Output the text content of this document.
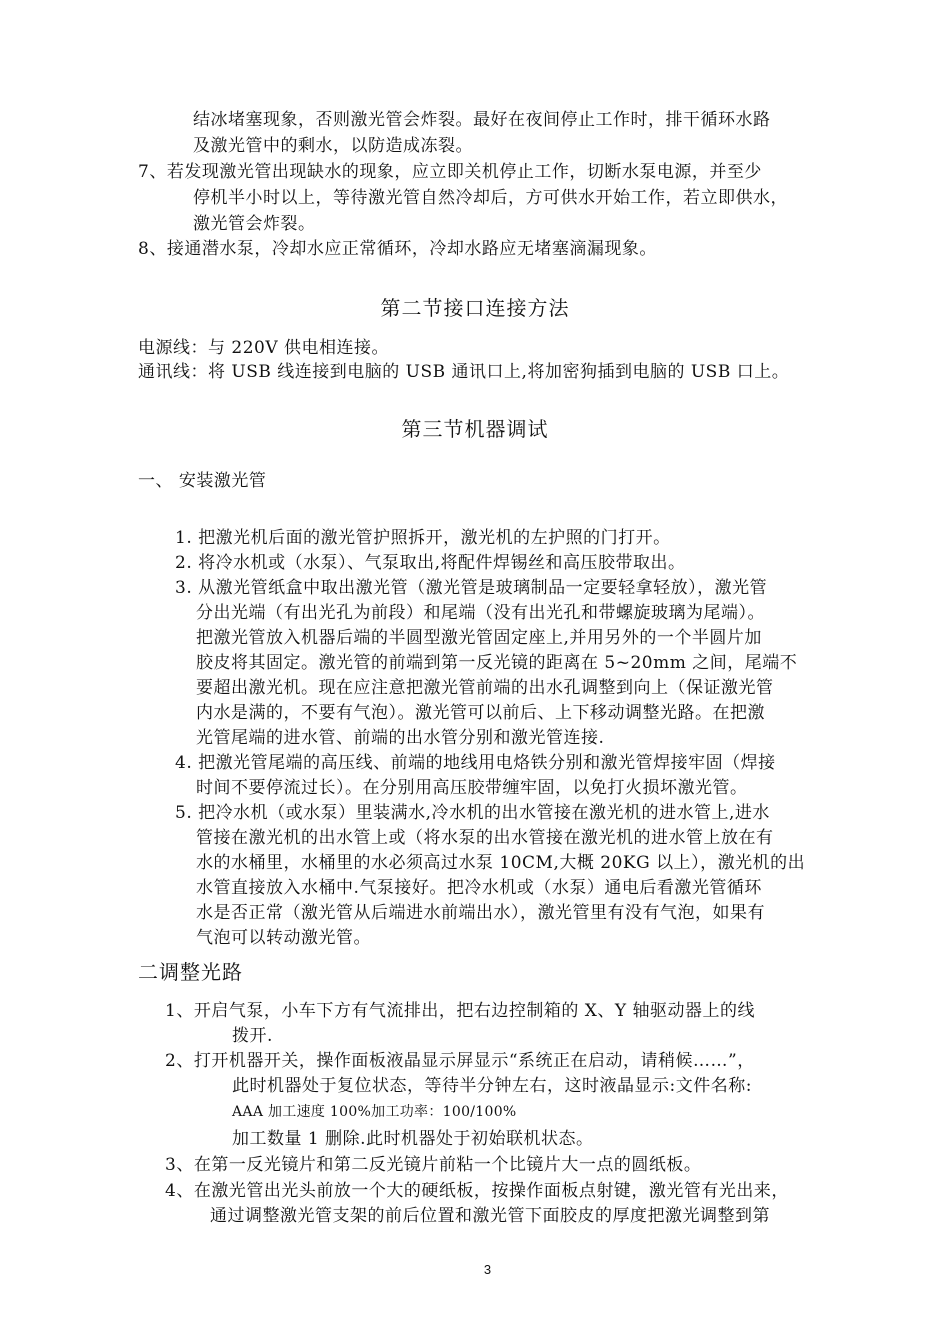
结冰堵塞现象，否则激光管会炸裂。最好在夜间停止工作时，排干循环水路
及激光管中的剩水，以防造成冻裂。
7、若发现激光管出现缺水的现象，应立即关机停止工作，切断水泵电源，并至少
停机半小时以上，等待激光管自然冷却后，方可供水开始工作，若立即供水，
激光管会炸裂。
8、接通潜水泵，冷却水应正常循环，冷却水路应无堵塞滴漏现象。
第二节接口连接方法
电源线：与 220V 供电相连接。
通讯线：将 USB 线连接到电脑的 USB 通讯口上,将加密狗插到电脑的 USB 口上。
第三节机器调试
一、 安装激光管
1. 把激光机后面的激光管护照拆开，激光机的左护照的门打开。
2. 将冷水机或（水泵）、气泵取出,将配件焊锡丝和高压胶带取出。
3. 从激光管纸盒中取出激光管（激光管是玻璃制品一定要轻拿轻放），激光管
分出光端（有出光孔为前段）和尾端（没有出光孔和带螺旋玻璃为尾端）。
把激光管放入机器后端的半圆型激光管固定座上,并用另外的一个半圆片加
胶皮将其固定。激光管的前端到第一反光镜的距离在 5~20mm 之间，尾端不
要超出激光机。现在应注意把激光管前端的出水孔调整到向上（保证激光管
内水是满的，不要有气泡）。激光管可以前后、上下移动调整光路。在把激
光管尾端的进水管、前端的出水管分别和激光管连接.
4. 把激光管尾端的高压线、前端的地线用电烙铁分别和激光管焊接牢固（焊接
时间不要停流过长）。在分别用高压胶带缠牢固，以免打火损坏激光管。
5. 把冷水机（或水泵）里装满水,冷水机的出水管接在激光机的进水管上,进水
管接在激光机的出水管上或（将水泵的出水管接在激光机的进水管上放在有
水的水桶里，水桶里的水必须高过水泵 10CM,大概 20KG 以上），激光机的出
水管直接放入水桶中.气泵接好。把冷水机或（水泵）通电后看激光管循环
水是否正常（激光管从后端进水前端出水），激光管里有没有气泡，如果有
气泡可以转动激光管。
二调整光路
1、开启气泵，小车下方有气流排出，把右边控制箱的 X、Y 轴驱动器上的线
拨开.
2、打开机器开关，操作面板液晶显示屏显示“系统正在启动，请稍候……”，
此时机器处于复位状态，等待半分钟左右，这时液晶显示:文件名称:
AAA 加工速度 100%加工功率：100/100%
加工数量 1 删除.此时机器处于初始联机状态。
3、在第一反光镜片和第二反光镜片前粘一个比镜片大一点的圆纸板。
4、在激光管出光头前放一个大的硬纸板，按操作面板点射键，激光管有光出来，
通过调整激光管支架的前后位置和激光管下面胶皮的厚度把激光调整到第
3
